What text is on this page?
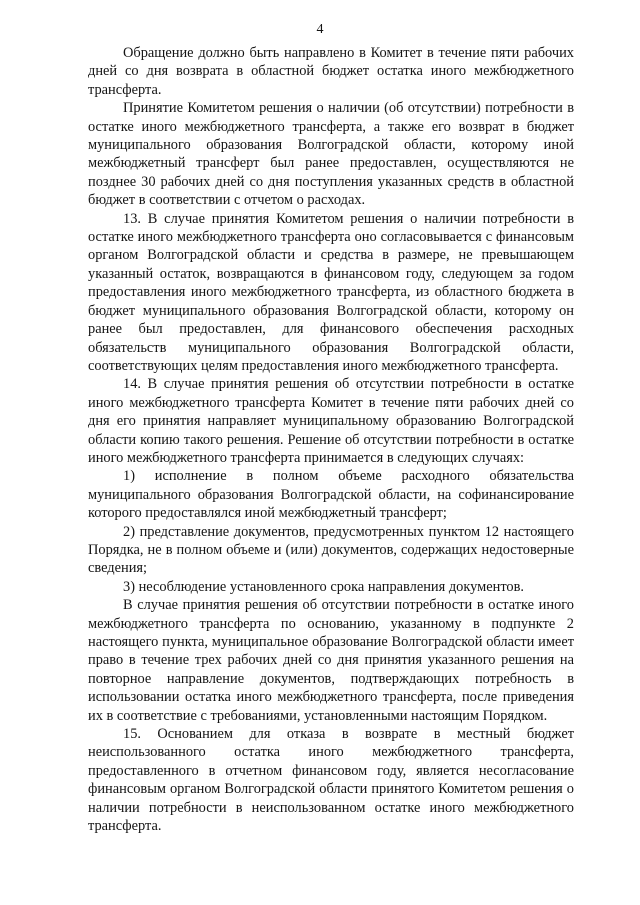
4

Обращение должно быть направлено в Комитет в течение пяти рабочих дней со дня возврата в областной бюджет остатка иного межбюджетного трансферта.

Принятие Комитетом решения о наличии (об отсутствии) потребности в остатке иного межбюджетного трансферта, а также его возврат в бюджет муниципального образования Волгоградской области, которому иной межбюджетный трансферт был ранее предоставлен, осуществляются не позднее 30 рабочих дней со дня поступления указанных средств в областной бюджет в соответствии с отчетом о расходах.

13. В случае принятия Комитетом решения о наличии потребности в остатке иного межбюджетного трансферта оно согласовывается с финансовым органом Волгоградской области и средства в размере, не превышающем указанный остаток, возвращаются в финансовом году, следующем за годом предоставления иного межбюджетного трансферта, из областного бюджета в бюджет муниципального образования Волгоградской области, которому он ранее был предоставлен, для финансового обеспечения расходных обязательств муниципального образования Волгоградской области, соответствующих целям предоставления иного межбюджетного трансферта.

14. В случае принятия решения об отсутствии потребности в остатке иного межбюджетного трансферта Комитет в течение пяти рабочих дней со дня его принятия направляет муниципальному образованию Волгоградской области копию такого решения. Решение об отсутствии потребности в остатке иного межбюджетного трансферта принимается в следующих случаях:

1) исполнение в полном объеме расходного обязательства муниципального образования Волгоградской области, на софинансирование которого предоставлялся иной межбюджетный трансферт;

2) представление документов, предусмотренных пунктом 12 настоящего Порядка, не в полном объеме и (или) документов, содержащих недостоверные сведения;

3) несоблюдение установленного срока направления документов.

В случае принятия решения об отсутствии потребности в остатке иного межбюджетного трансферта по основанию, указанному в подпункте 2 настоящего пункта, муниципальное образование Волгоградской области имеет право в течение трех рабочих дней со дня принятия указанного решения на повторное направление документов, подтверждающих потребность в использовании остатка иного межбюджетного трансферта, после приведения их в соответствие с требованиями, установленными настоящим Порядком.

15. Основанием для отказа в возврате в местный бюджет неиспользованного остатка иного межбюджетного трансферта, предоставленного в отчетном финансовом году, является несогласование финансовым органом Волгоградской области принятого Комитетом решения о наличии потребности в неиспользованном остатке иного межбюджетного трансферта.
